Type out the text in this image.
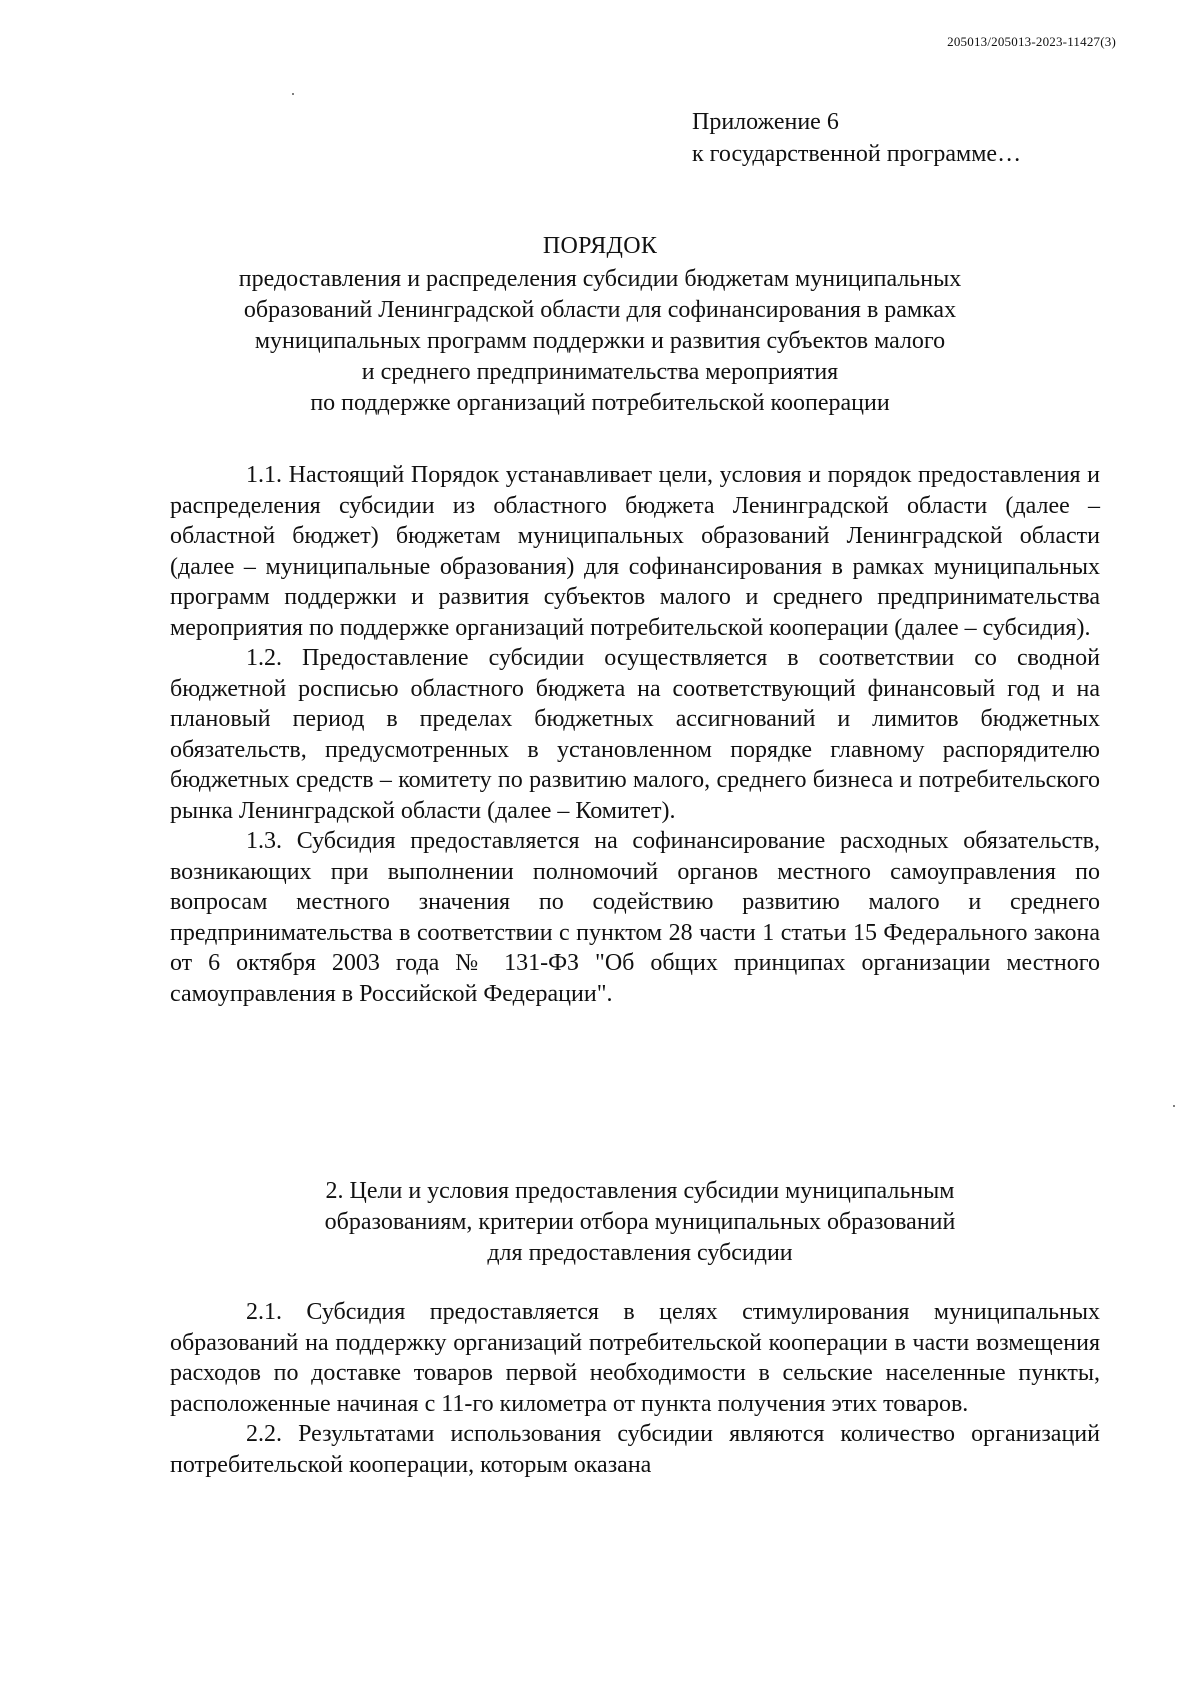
205013/205013-2023-11427(3)
Приложение 6
к государственной программе…
ПОРЯДОК
предоставления и распределения субсидии бюджетам муниципальных
образований Ленинградской области для софинансирования в рамках
муниципальных программ поддержки и развития субъектов малого
и среднего предпринимательства мероприятия
по поддержке организаций потребительской кооперации

1.1. Настоящий Порядок устанавливает цели, условия и порядок предоставления и распределения субсидии из областного бюджета Ленинградской области (далее – областной бюджет) бюджетам муниципальных образований Ленинградской области (далее – муниципальные образования) для софинансирования в рамках муниципальных программ поддержки и развития субъектов малого и среднего предпринимательства мероприятия по поддержке организаций потребительской кооперации (далее – субсидия).

1.2. Предоставление субсидии осуществляется в соответствии со сводной бюджетной росписью областного бюджета на соответствующий финансовый год и на плановый период в пределах бюджетных ассигнований и лимитов бюджетных обязательств, предусмотренных в установленном порядке главному распорядителю бюджетных средств – комитету по развитию малого, среднего бизнеса и потребительского рынка Ленинградской области (далее – Комитет).

1.3. Субсидия предоставляется на софинансирование расходных обязательств, возникающих при выполнении полномочий органов местного самоуправления по вопросам местного значения по содействию развитию малого и среднего предпринимательства в соответствии с пунктом 28 части 1 статьи 15 Федерального закона от 6 октября 2003 года № 131-ФЗ "Об общих принципах организации местного самоуправления в Российской Федерации".

2. Цели и условия предоставления субсидии муниципальным
образованиям, критерии отбора муниципальных образований
для предоставления субсидии

2.1. Субсидия предоставляется в целях стимулирования муниципальных образований на поддержку организаций потребительской кооперации в части возмещения расходов по доставке товаров первой необходимости в сельские населенные пункты, расположенные начиная с 11-го километра от пункта получения этих товаров.

2.2. Результатами использования субсидии являются количество организаций потребительской кооперации, которым оказана
